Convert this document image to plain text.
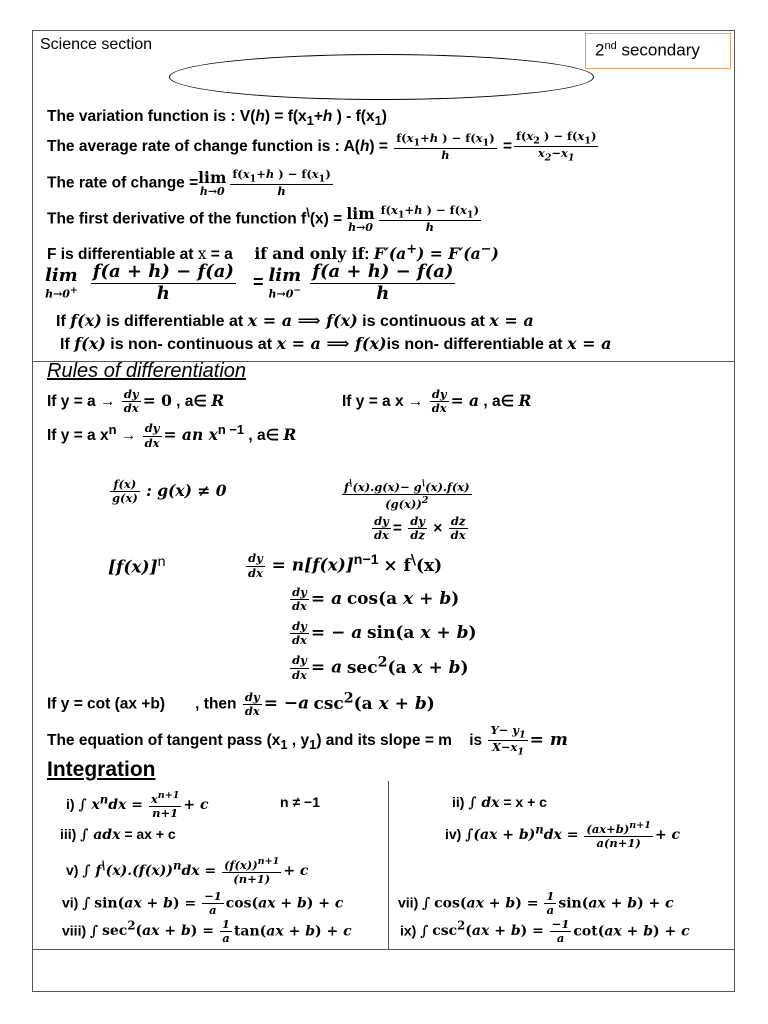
Science section	2nd secondary
The variation function is : $V(h) = f(x_1+h$ ) - $f(x_1)$
The average rate of change function is : $A(h) = \frac{f(x_1+h ) - f(x_1)}{h} = \frac{f(x_2 ) - f(x_1)}{x_2-x_1}$
The rate of change = lim
$h\to 0 \frac{f(x_1+h ) - f(x_1)}{h}$
The first derivative of the function f\(x) = lim
$h\to 0 \frac{f(x_1+h ) - f(x_1)}{h}$
F is differentiable at x = a     if and only if: F′(a+) = F′(a−)
lim
h→0+
$\frac{f(a + h) - f(a)}{h} = \lim$
h→0−
$\frac{f(a + h) - f(a)}{h}$
If f(x) is differentiable at x = a ⟹ f(x) is continuous at x = a
If f(x) is non- continuous at x = a ⟹ f(x)is non- differentiable at x = a
Rules of differentiation
If $y = a \to \frac{dy}{dx} = 0$ , a∈ R	If y = a $x \to \frac{dy}{dx} = a$ , a∈ R
If y = a $x^n \to \frac{dy}{dx}$ = an $x^{n -1}$ , a∈ R
$\frac{f(x)}{g(x)}$ : g(x) ≠ 0	$\frac{f^\backslash(x).g(x)- g^\backslash(x).f(x)}{(g(x))^2}$
$\frac{dy}{dx} = \frac{dy}{dz} \times \frac{dz}{dx}$
$[f(x)]^n$	$\frac{dy}{dx} = n[f(x)]^{n-1} \times f^\backslash(x)$
$\frac{dy}{dx} = a$ cos(a x + b)
$\frac{dy}{dx}$ = − a sin(a x + b)
$\frac{dy}{dx} = a$ $\sec^2(a$ x + b)
If y = cot (ax +b) , then $\frac{dy}{dx} = -a$ $\csc^2(a$ x + b)
The equation of tangent pass ($x_1$ , $y_1$) and its slope = m is $\frac{Y- y_1}{X-x_1} = m$
Integration
i) ∫ $x^ndx = \frac{x^{n+1}}{n+1} + c$	n ≠ −1	ii) ∫ dx = x + c
iii) ∫ adx = ax + c	iv) $\int(ax + b)^ndx = \frac{(ax+b)^{n+1}}{a(n+1)} + c$
v) ∫ $f^\backslash(x).(f(x))^ndx = \frac{(f(x))^{n+1}}{(n+1)} + c$
vi) ∫ $\sin(ax + b) = \frac{-1}{a} \cos(ax + b) + c$	vii) ∫ $\cos(ax + b) = \frac{1}{a} \sin(ax + b) + c$
viii) ∫ $\sec^2(ax + b) = \frac{1}{a} \tan(ax + b) + c$	ix) ∫ $\csc^2(ax + b) = \frac{-1}{a} \cot(ax + b) + c$
